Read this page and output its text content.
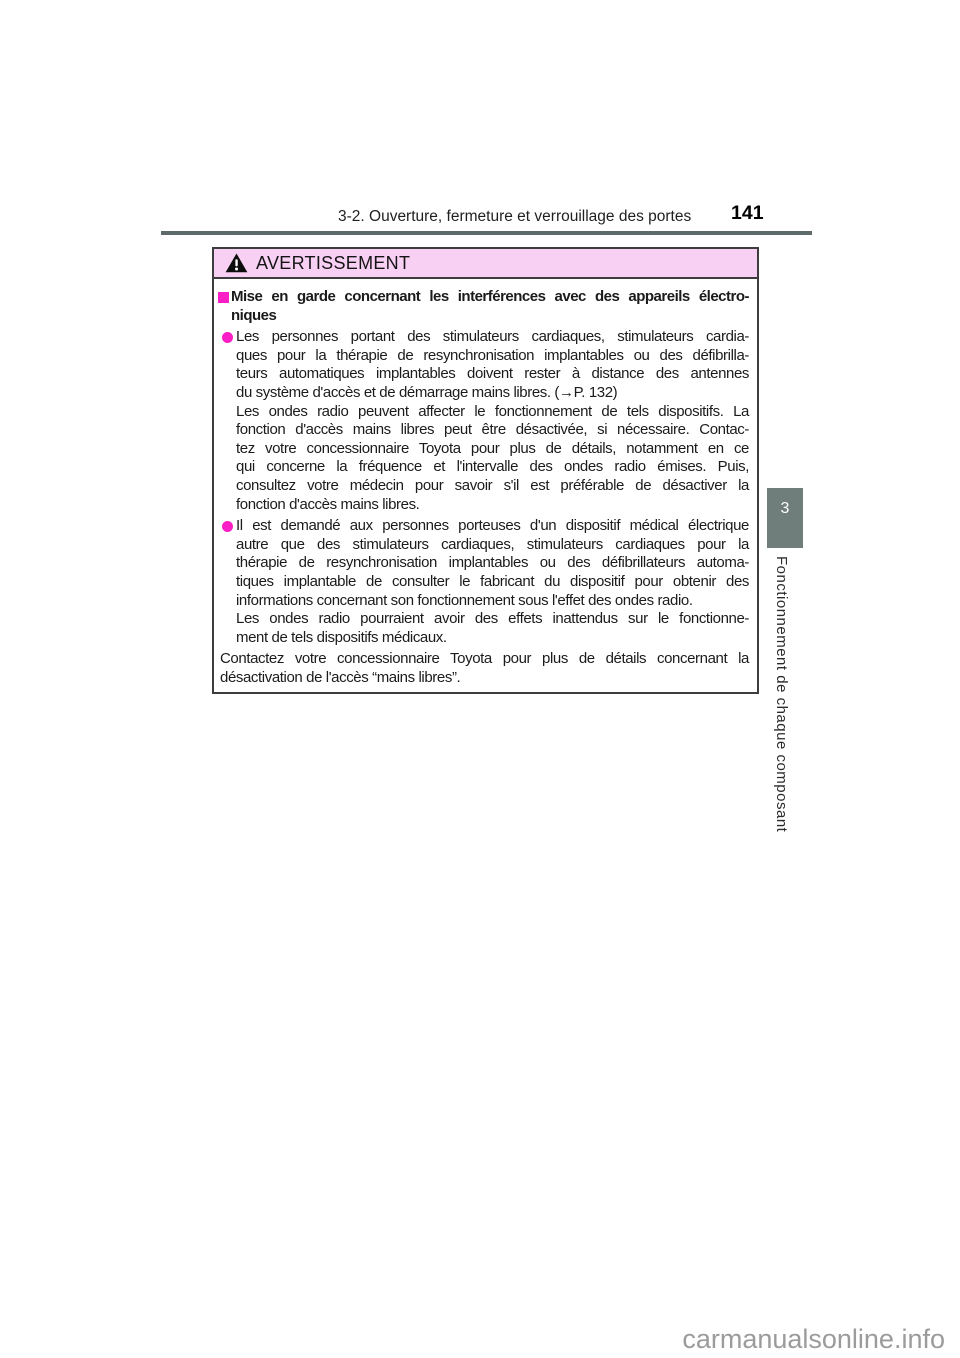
3-2. Ouverture, fermeture et verrouillage des portes 141
AVERTISSEMENT
Mise en garde concernant les interférences avec des appareils électro-
niques
Les personnes portant des stimulateurs cardiaques, stimulateurs cardia-
ques pour la thérapie de resynchronisation implantables ou des défibrilla-
teurs automatiques implantables doivent rester à distance des antennes
du système d'accès et de démarrage mains libres. (→P. 132)
Les ondes radio peuvent affecter le fonctionnement de tels dispositifs. La
fonction d'accès mains libres peut être désactivée, si nécessaire. Contac-
tez votre concessionnaire Toyota pour plus de détails, notamment en ce
qui concerne la fréquence et l'intervalle des ondes radio émises. Puis,
consultez votre médecin pour savoir s'il est préférable de désactiver la
fonction d'accès mains libres.
Il est demandé aux personnes porteuses d'un dispositif médical électrique
autre que des stimulateurs cardiaques, stimulateurs cardiaques pour la
thérapie de resynchronisation implantables ou des défibrillateurs automa-
tiques implantable de consulter le fabricant du dispositif pour obtenir des
informations concernant son fonctionnement sous l'effet des ondes radio.
Les ondes radio pourraient avoir des effets inattendus sur le fonctionne-
ment de tels dispositifs médicaux.
Contactez votre concessionnaire Toyota pour plus de détails concernant la
désactivation de l'accès “mains libres”.
3
Fonctionnement de chaque composant
carmanualsonline.info
